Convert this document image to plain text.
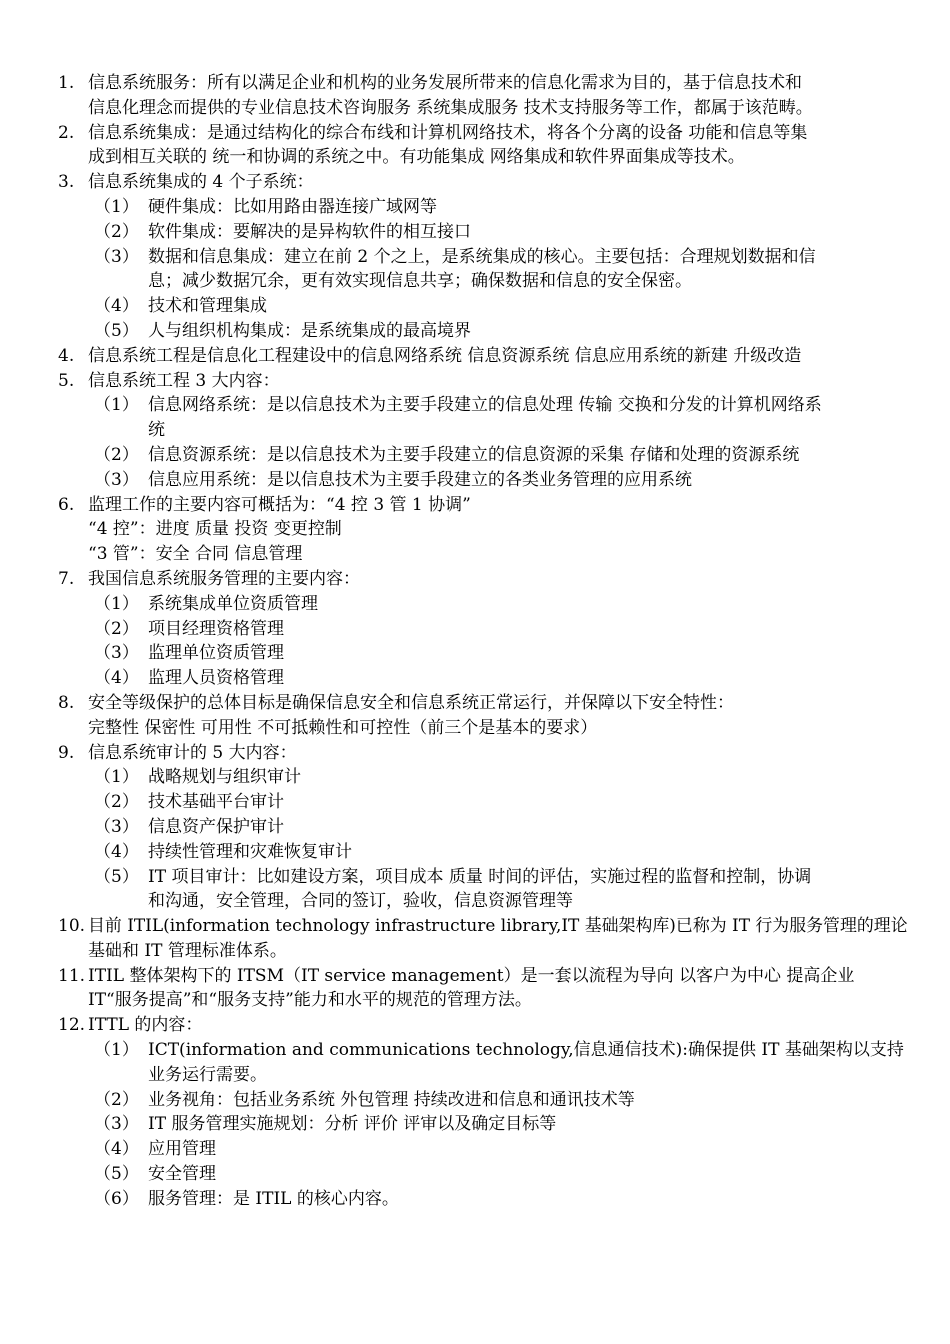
1. 信息系统服务：所有以满足企业和机构的业务发展所带来的信息化需求为目的，基于信息技术和
信息化理念而提供的专业信息技术咨询服务 系统集成服务 技术支持服务等工作，都属于该范畴。
2. 信息系统集成：是通过结构化的综合布线和计算机网络技术，将各个分离的设备 功能和信息等集
成到相互关联的 统一和协调的系统之中。有功能集成 网络集成和软件界面集成等技术。
3. 信息系统集成的 4 个子系统：
（1） 硬件集成：比如用路由器连接广域网等
（2） 软件集成：要解决的是异构软件的相互接口
（3） 数据和信息集成：建立在前 2 个之上，是系统集成的核心。主要包括：合理规划数据和信
息；减少数据冗余，更有效实现信息共享；确保数据和信息的安全保密。
（4） 技术和管理集成
（5） 人与组织机构集成：是系统集成的最高境界
4. 信息系统工程是信息化工程建设中的信息网络系统 信息资源系统 信息应用系统的新建 升级改造
5. 信息系统工程 3 大内容：
（1） 信息网络系统：是以信息技术为主要手段建立的信息处理 传输 交换和分发的计算机网络系
统
（2） 信息资源系统：是以信息技术为主要手段建立的信息资源的采集 存储和处理的资源系统
（3） 信息应用系统：是以信息技术为主要手段建立的各类业务管理的应用系统
6. 监理工作的主要内容可概括为：“4 控 3 管 1 协调”
“4 控”：进度 质量 投资 变更控制
“3 管”：安全 合同 信息管理
7. 我国信息系统服务管理的主要内容：
（1） 系统集成单位资质管理
（2） 项目经理资格管理
（3） 监理单位资质管理
（4） 监理人员资格管理
8. 安全等级保护的总体目标是确保信息安全和信息系统正常运行，并保障以下安全特性：
完整性 保密性 可用性 不可抵赖性和可控性（前三个是基本的要求）
9. 信息系统审计的 5 大内容：
（1） 战略规划与组织审计
（2） 技术基础平台审计
（3） 信息资产保护审计
（4） 持续性管理和灾难恢复审计
（5） IT 项目审计：比如建设方案，项目成本 质量 时间的评估，实施过程的监督和控制，协调
和沟通，安全管理，合同的签订，验收，信息资源管理等
10. 目前 ITIL(information technology infrastructure library,IT 基础架构库)已称为 IT 行为服务管理的理论
基础和 IT 管理标准体系。
11. ITIL 整体架构下的 ITSM（IT service management）是一套以流程为导向 以客户为中心 提高企业
IT“服务提高”和“服务支持”能力和水平的规范的管理方法。
12. ITTL 的内容：
（1） ICT(information and communications technology,信息通信技术):确保提供 IT 基础架构以支持
业务运行需要。
（2） 业务视角：包括业务系统 外包管理 持续改进和信息和通讯技术等
（3） IT 服务管理实施规划：分析 评价 评审以及确定目标等
（4） 应用管理
（5） 安全管理
（6） 服务管理：是 ITIL 的核心内容。
